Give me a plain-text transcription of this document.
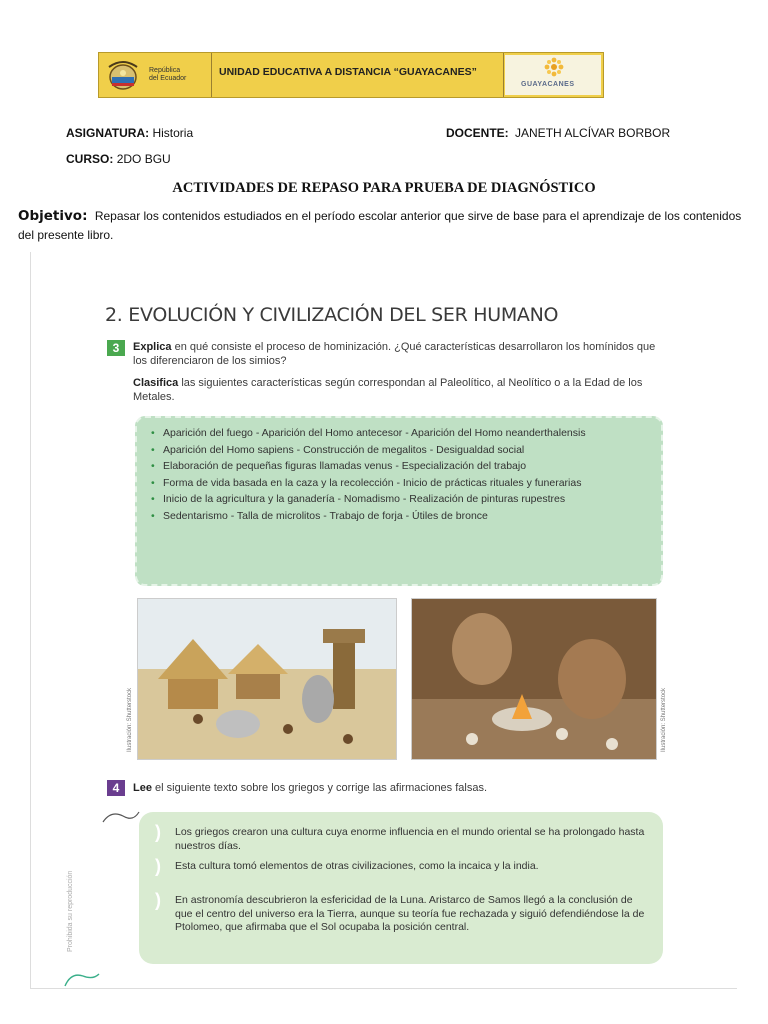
República
del Ecuador
UNIDAD EDUCATIVA A DISTANCIA “GUAYACANES”
GUAYACANES
ASIGNATURA: Historia	DOCENTE: JANETH ALCÍVAR BORBOR
CURSO: 2DO BGU
ACTIVIDADES DE REPASO PARA PRUEBA DE DIAGNÓSTICO
Objetivo: Repasar los contenidos estudiados en el período escolar anterior que sirve de base para el aprendizaje de los contenidos del presente libro.
2. EVOLUCIÓN Y CIVILIZACIÓN DEL SER HUMANO
3	Explica en qué consiste el proceso de hominización. ¿Qué características desarrollaron los homínidos que los diferenciaron de los simios?
Clasifica las siguientes características según correspondan al Paleolítico, al Neolítico o a la Edad de los Metales.
• Aparición del fuego - Aparición del Homo antecesor - Aparición del Homo neanderthalensis
• Aparición del Homo sapiens - Construcción de megalitos - Desigualdad social
• Elaboración de pequeñas figuras llamadas venus - Especialización del trabajo
• Forma de vida basada en la caza y la recolección - Inicio de prácticas rituales y funerarias
• Inicio de la agricultura y la ganadería - Nomadismo - Realización de pinturas rupestres
• Sedentarismo - Talla de microlitos - Trabajo de forja - Útiles de bronce
Ilustración: Shutterstock	Ilustración: Shutterstock
4	Lee el siguiente texto sobre los griegos y corrige las afirmaciones falsas.
) Los griegos crearon una cultura cuya enorme influencia en el mundo oriental se ha prolongado hasta nuestros días.
) Esta cultura tomó elementos de otras civilizaciones, como la incaica y la india.
) En astronomía descubrieron la esfericidad de la Luna. Aristarco de Samos llegó a la conclusión de que el centro del universo era la Tierra, aunque su teoría fue rechazada y siguió defendiéndose la de Ptolomeo, que afirmaba que el Sol ocupaba la posición central.
Prohibida su reproducción
